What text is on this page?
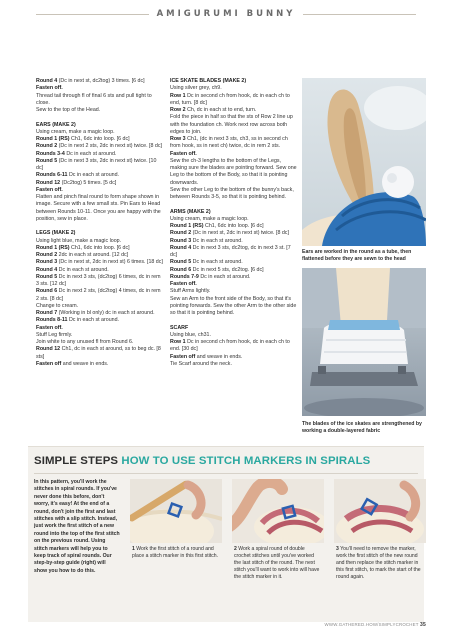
AMIGURUMI BUNNY

Round 4 (Dc in next st, dc2tog) 3 times. [6 dc]

Fasten off.

Thread tail through fl of final 6 sts and pull tight to close.

Sew to the top of the Head.

EARS (MAKE 2)

Using cream, make a magic loop.

Round 1 (RS) Ch1, 6dc into loop. [6 dc]

Round 2 (Dc in next 2 sts, 2dc in next st) twice. [8 dc]

Rounds 3-4 Dc in each st around.

Round 5 (Dc in next 3 sts, 2dc in next st) twice. [10 dc]

Rounds 6-11 Dc in each st around.

Round 12 (Dc2tog) 5 times. [5 dc]

Fasten off.

Flatten and pinch final round to form shape shown in image. Secure with a few small sts. Pin Ears to Head between Rounds 10-11. Once you are happy with the position, sew in place.

LEGS (MAKE 2)

Using light blue, make a magic loop.

Round 1 (RS) Ch1, 6dc into loop. [6 dc]

Round 2 2dc in each st around. [12 dc]

Round 3 (Dc in next st, 2dc in next st) 6 times. [18 dc]

Round 4 Dc in each st around.

Round 5 Dc in next 3 sts, (dc2tog) 6 times, dc in rem 3 sts. [12 dc]

Round 6 Dc in next 2 sts, (dc2tog) 4 times, dc in rem 2 sts. [8 dc]

Change to cream.

Round 7 (Working in bl only) dc in each st around.

Rounds 8-11 Dc in each st around.

Fasten off.

Stuff Leg firmly.

Join white to any unused fl from Round 6.

Round 12 Ch1, dc in each st around, ss to beg dc. [8 sts]

Fasten off and weave in ends.

ICE SKATE BLADES (MAKE 2)

Using silver grey, ch9.

Row 1 Dc in second ch from hook, dc in each ch to end, turn. [8 dc]

Row 2 Ch, dc in each st to end, turn.

Fold the piece in half so that the sts of Row 2 line up with the foundation ch. Work next row across both edges to join.

Row 3 Ch1, (dc in next 3 sts, ch3, ss in second ch from hook, ss in next ch) twice, dc in rem 2 sts.

Fasten off.

Sew the ch-3 lengths to the bottom of the Legs, making sure the blades are pointing forward. Sew one Leg to the bottom of the Body, so that it is pointing downwards.

Sew the other Leg to the bottom of the bunny's back, between Rounds 3-5, so that it is pointing behind.

ARMS (MAKE 2)

Using cream, make a magic loop.

Round 1 (RS) Ch1, 6dc into loop. [6 dc]

Round 2 (Dc in next st, 2dc in next st) twice. [8 dc]

Round 3 Dc in each st around.

Round 4 Dc in next 3 sts, dc2tog, dc in next 3 st. [7 dc]

Round 5 Dc in each st around.

Round 6 Dc in next 5 sts, dc2tog. [6 dc]

Rounds 7-9 Dc in each st around.

Fasten off.

Stuff Arms lightly.

Sew an Arm to the front side of the Body, so that it's pointing forwards. Sew the other Arm to the other side so that it is pointing behind.

SCARF

Using blue, ch31.

Row 1 Dc in second ch from hook, dc in each ch to end. [30 dc]

Fasten off and weave in ends.

Tie Scarf around the neck.

Ears are worked in the round as a tube, then flattened before they are sewn to the head
The blades of the ice skates are strengthened by working a double-layered fabric
SIMPLE STEPS HOW TO USE STITCH MARKERS IN SPIRALS
In this pattern, you'll work the stitches in spiral rounds. If you've never done this before, don't worry, it's easy! At the end of a round, don't join the first and last stitches with a slip stitch. Instead, just work the first stitch of a new round into the top of the first stitch on the previous round. Using stitch markers will help you to keep track of spiral rounds. Our step-by-step guide (right) will show you how to do this.
1 Work the first stitch of a round and place a stitch marker in this first stitch.
2 Work a spiral round of double crochet stitches until you've worked the last stitch of the round. The next stitch you'll want to work into will have the stitch marker in it.
3 You'll need to remove the marker, work the first stitch of the new round and then replace the stitch marker in this first stitch, to mark the start of the round again.
WWW.GATHERED.HOW/SIMPLYCROCHET 35
